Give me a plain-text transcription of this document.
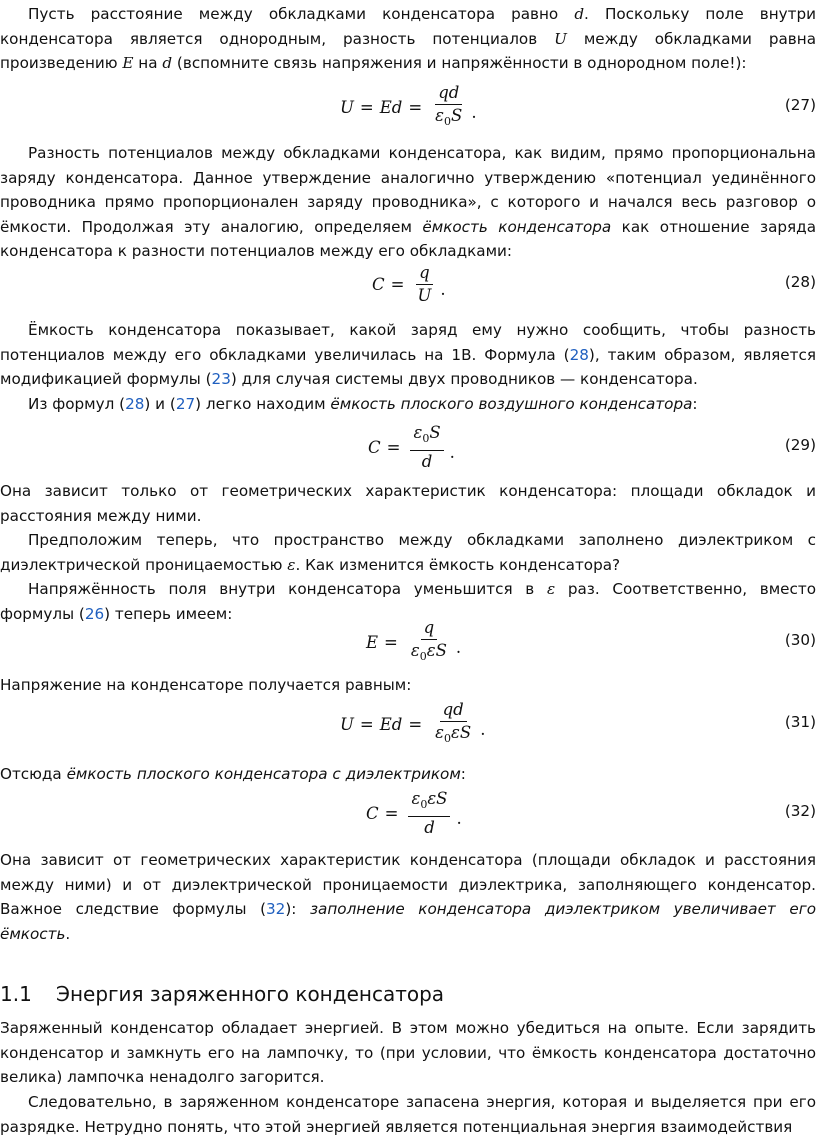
Пусть расстояние между обкладками конденсатора равно d. Поскольку поле внутри конденсатора является однородным, разность потенциалов U между обкладками равна произведению E на d (вспомните связь напряжения и напряжённости в однородном поле!):

$U = Ed = \frac{qd}{\varepsilon_0S}$ .	(27)

Разность потенциалов между обкладками конденсатора, как видим, прямо пропорциональна заряду конденсатора. Данное утверждение аналогично утверждению «потенциал уединённого проводника прямо пропорционален заряду проводника», с которого и начался весь разговор о ёмкости. Продолжая эту аналогию, определяем ёмкость конденсатора как отношение заряда конденсатора к разности потенциалов между его обкладками:

$C = \frac{q}{U}$ .	(28)

Ёмкость конденсатора показывает, какой заряд ему нужно сообщить, чтобы разность потенциалов между его обкладками увеличилась на 1В. Формула (28), таким образом, является модификацией формулы (23) для случая системы двух проводников — конденсатора.

Из формул (28) и (27) легко находим ёмкость плоского воздушного конденсатора:

$C = \frac{\varepsilon_0S}{d}$ .	(29)

Она зависит только от геометрических характеристик конденсатора: площади обкладок и расстояния между ними.

Предположим теперь, что пространство между обкладками заполнено диэлектриком с диэлектрической проницаемостью ε. Как изменится ёмкость конденсатора?

Напряжённость поля внутри конденсатора уменьшится в ε раз. Соответственно, вместо формулы (26) теперь имеем:

$E = \frac{q}{\varepsilon_0\varepsilon S}$ .	(30)

Напряжение на конденсаторе получается равным:

$U = Ed = \frac{qd}{\varepsilon_0\varepsilon S}$ .	(31)

Отсюда ёмкость плоского конденсатора с диэлектриком:

$C = \frac{\varepsilon_0\varepsilon S}{d}$ .	(32)

Она зависит от геометрических характеристик конденсатора (площади обкладок и расстояния между ними) и от диэлектрической проницаемости диэлектрика, заполняющего конденсатор. Важное следствие формулы (32): заполнение конденсатора диэлектриком увеличивает его ёмкость.

1.1 Энергия заряженного конденсатора

Заряженный конденсатор обладает энергией. В этом можно убедиться на опыте. Если зарядить конденсатор и замкнуть его на лампочку, то (при условии, что ёмкость конденсатора достаточно велика) лампочка ненадолго загорится.

Следовательно, в заряженном конденсаторе запасена энергия, которая и выделяется при его разрядке. Нетрудно понять, что этой энергией является потенциальная энергия взаимодействия
